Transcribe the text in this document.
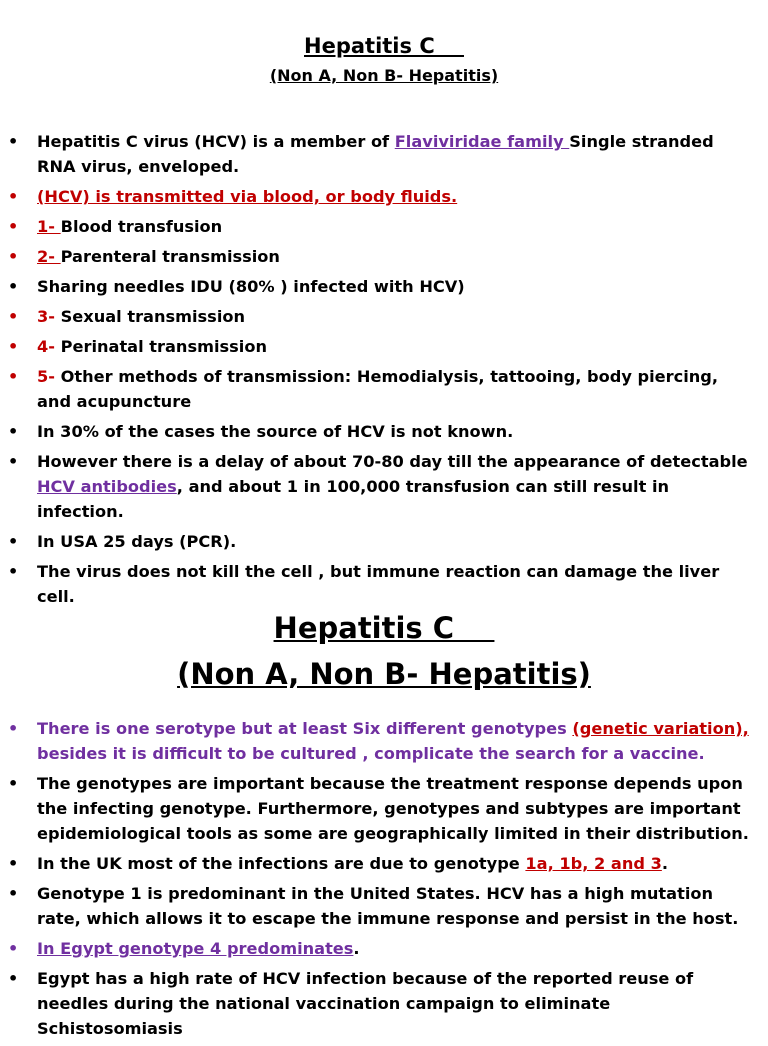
Hepatitis C
(Non A, Non B- Hepatitis)
• Hepatitis C virus (HCV) is a member of Flaviviridae family Single stranded RNA virus, enveloped.
• (HCV) is transmitted via blood, or body fluids.
• 1- Blood transfusion
• 2- Parenteral transmission
• Sharing needles IDU (80% ) infected with HCV)
• 3- Sexual transmission
• 4- Perinatal transmission
• 5- Other methods of transmission: Hemodialysis, tattooing, body piercing, and acupuncture
• In 30% of the cases the source of HCV is not known.
• However there is a delay of about 70-80 day till the appearance of detectable HCV antibodies, and about 1 in 100,000 transfusion can still result in infection.
• In USA 25 days (PCR).
• The virus does not kill the cell , but immune reaction can damage the liver cell.
Hepatitis C
(Non A, Non B- Hepatitis)
• There is one serotype but at least Six different genotypes (genetic variation), besides it is difficult to be cultured , complicate the search for a vaccine.
• The genotypes are important because the treatment response depends upon the infecting genotype. Furthermore, genotypes and subtypes are important epidemiological tools as some are geographically limited in their distribution.
• In the UK most of the infections are due to genotype 1a, 1b, 2 and 3.
• Genotype 1 is predominant in the United States. HCV has a high mutation rate, which allows it to escape the immune response and persist in the host.
• In Egypt genotype 4 predominates.
• Egypt has a high rate of HCV infection because of the reported reuse of needles during the national vaccination campaign to eliminate Schistosomiasis
